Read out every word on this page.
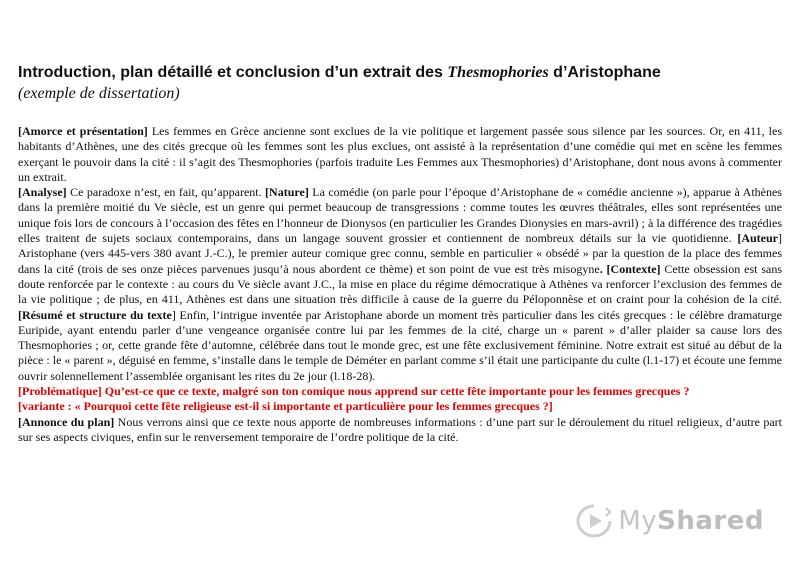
Introduction, plan détaillé et conclusion d’un extrait des Thesmophories d’Aristophane

(exemple de dissertation)

[Amorce et présentation] Les femmes en Grèce ancienne sont exclues de la vie politique et largement passée sous silence par les sources. Or, en 411, les habitants d’Athènes, une des cités grecque où les femmes sont les plus exclues, ont assisté à la représentation d’une comédie qui met en scène les femmes exerçant le pouvoir dans la cité : il s’agit des Thesmophories (parfois traduite Les Femmes aux Thesmophories) d’Aristophane, dont nous avons à commenter un extrait.

[Analyse] Ce paradoxe n’est, en fait, qu’apparent. [Nature] La comédie (on parle pour l’époque d’Aristophane de « comédie ancienne »), apparue à Athènes dans la première moitié du Ve siècle, est un genre qui permet beaucoup de transgressions : comme toutes les œuvres théâtrales, elles sont représentées une unique fois lors de concours à l’occasion des fêtes en l’honneur de Dionysos (en particulier les Grandes Dionysies en mars-avril) ; à la différence des tragédies elles traitent de sujets sociaux contemporains, dans un langage souvent grossier et contiennent de nombreux détails sur la vie quotidienne. [Auteur] Aristophane (vers 445-vers 380 avant J.-C.), le premier auteur comique grec connu, semble en particulier « obsédé » par la question de la place des femmes dans la cité (trois de ses onze pièces parvenues jusqu’à nous abordent ce thème) et son point de vue est très misogyne. [Contexte] Cette obsession est sans doute renforcée par le contexte : au cours du Ve siècle avant J.C., la mise en place du régime démocratique à Athènes va renforcer l’exclusion des femmes de la vie politique ; de plus, en 411, Athènes est dans une situation très difficile à cause de la guerre du Péloponnèse et on craint pour la cohésion de la cité. [Résumé et structure du texte] Enfin, l’intrigue inventée par Aristophane aborde un moment très particulier dans les cités grecques : le célèbre dramaturge Euripide, ayant entendu parler d’une vengeance organisée contre lui par les femmes de la cité, charge un « parent » d’aller plaider sa cause lors des Thesmophories ; or, cette grande fête d’automne, célébrée dans tout le monde grec, est une fête exclusivement féminine. Notre extrait est situé au début de la pièce : le « parent », déguisé en femme, s’installe dans le temple de Déméter en parlant comme s’il était une participante du culte (l.1-17) et écoute une femme ouvrir solennellement l’assemblée organisant les rites du 2e jour (l.18-28).

[Problématique] Qu’est-ce que ce texte, malgré son ton comique nous apprend sur cette fête importante pour les femmes grecques ?

[variante : « Pourquoi cette fête religieuse est-il si importante et particulière pour les femmes grecques ?]

[Annonce du plan] Nous verrons ainsi que ce texte nous apporte de nombreuses informations : d’une part sur le déroulement du rituel religieux, d’autre part sur ses aspects civiques, enfin sur le renversement temporaire de l’ordre politique de la cité.

MyShared
